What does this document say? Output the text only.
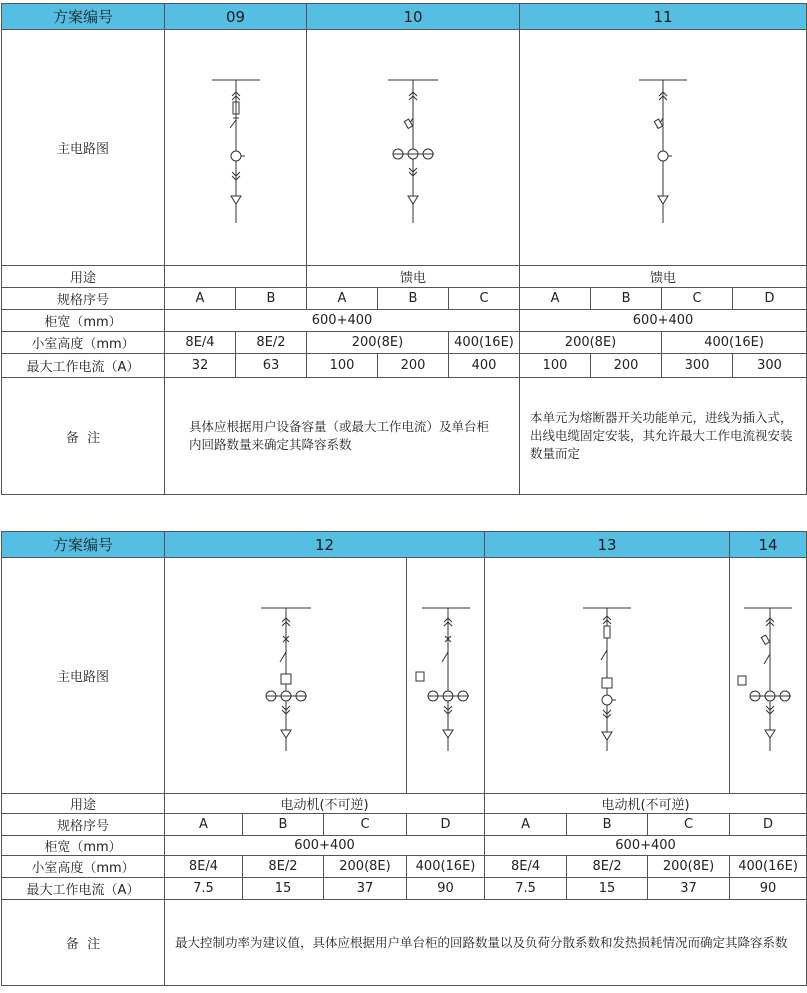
方案编号	09		10			11			
主电路图	

用途			馈电			馈电			
规格序号	A	B	A	B	C	A	B	C	D
柜宽（mm）	600+400					600+400			
小室高度（mm）	8E/4	8E/2	200(8E)		400(16E)	200(8E)		400(16E)	
最大工作电流（A）	32	63	100	200	400	100	200	300	300
备  注	具体应根据用户设备容量（或最大工作电流）及单台柜内回路数量来确定其降容系数					本单元为熔断器开关功能单元，进线为插入式，出线电缆固定安装，其允许最大工作电流视安装数量而定			
方案编号	12				13			14
主电路图	

用途	电动机(不可逆)				电动机(不可逆)			
规格序号	A	B	C	D	A	B	C	D
柜宽（mm）	600+400				600+400			
小室高度（mm）	8E/4	8E/2	200(8E)	400(16E)	8E/4	8E/2	200(8E)	400(16E)
最大工作电流（A）	7.5	15	37	90	7.5	15	37	90
备  注	最大控制功率为建议值，具体应根据用户单台柜的回路数量以及负荷分散系数和发热损耗情况而确定其降容系数							
